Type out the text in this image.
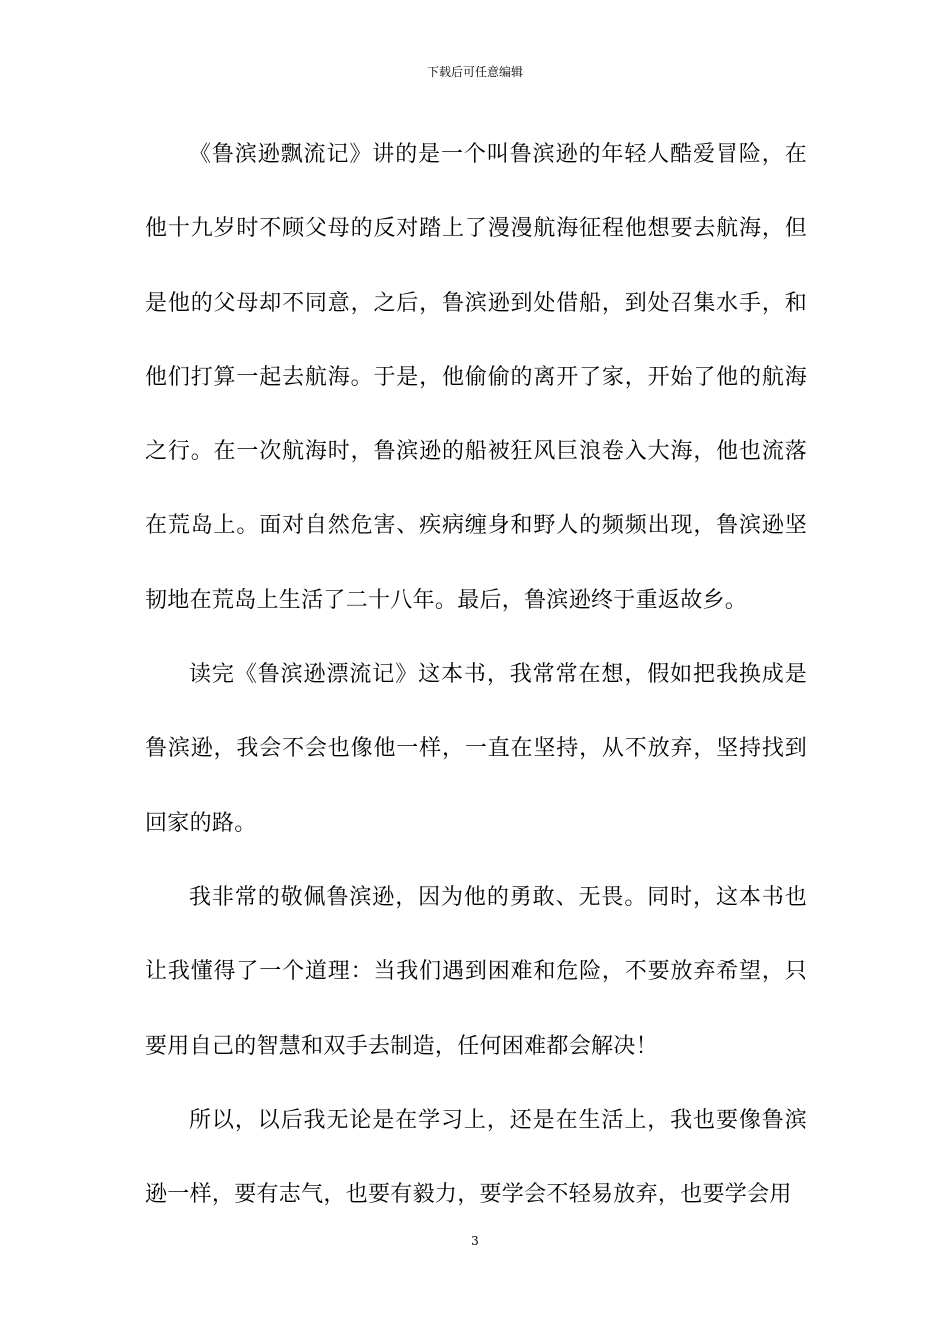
下载后可任意编辑

《鲁滨逊飘流记》讲的是一个叫鲁滨逊的年轻人酷爱冒险，在他十九岁时不顾父母的反对踏上了漫漫航海征程他想要去航海，但是他的父母却不同意，之后，鲁滨逊到处借船，到处召集水手，和他们打算一起去航海。于是，他偷偷的离开了家，开始了他的航海之行。在一次航海时，鲁滨逊的船被狂风巨浪卷入大海，他也流落在荒岛上。面对自然危害、疾病缠身和野人的频频出现，鲁滨逊坚韧地在荒岛上生活了二十八年。最后，鲁滨逊终于重返故乡。

读完《鲁滨逊漂流记》这本书，我常常在想，假如把我换成是鲁滨逊，我会不会也像他一样，一直在坚持，从不放弃，坚持找到回家的路。

我非常的敬佩鲁滨逊，因为他的勇敢、无畏。同时，这本书也让我懂得了一个道理：当我们遇到困难和危险，不要放弃希望，只要用自己的智慧和双手去制造，任何困难都会解决！

所以，以后我无论是在学习上，还是在生活上，我也要像鲁滨逊一样，要有志气，也要有毅力，要学会不轻易放弃，也要学会用

3
